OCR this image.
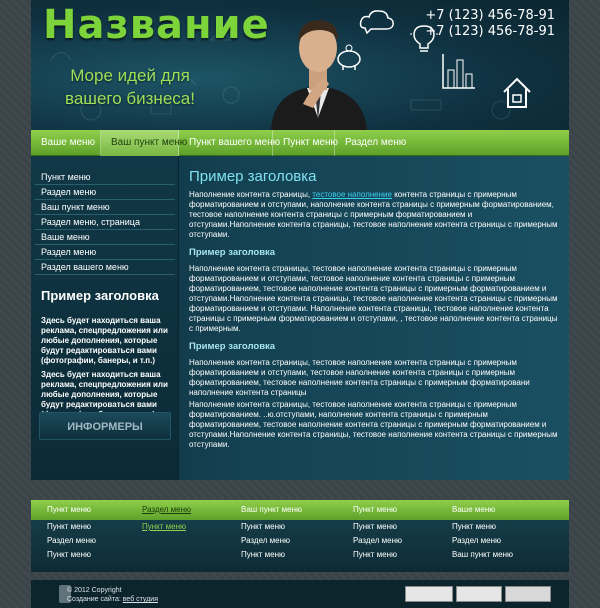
Название
Море идей для вашего бизнеса!
+7 (123) 456-78-91
+7 (123) 456-78-91
Ваше меню	Ваш пункт меню Пункт вашего меню Пункт меню Раздел меню
Пункт меню
Раздел меню
Ваш пункт меню
Раздел меню, страница
Ваше меню
Раздел меню
Раздел вашего меню
Пример заголовка

Здесь будет находиться ваша реклама, спецпредложения или любые дополнения, которые будут редактироваться вами (фотографии, банеры, и т.п.)

Здесь будет находиться ваша реклама, спецпредложения или любые дополнения, которые будут редактироваться вами

ИНФОРМЕРЫ
Пример заголовка

Наполнение контента страницы, тестовое наполнение контента страницы с примерным форматированием и отступами, наполнение контента страницы с примерным форматированием, тестовое наполнение контента страницы с примерным форматированием и отступами.Наполнение контента страницы, тестовое наполнение контента страницы с примерным отступами.

Пример заголовка

Наполнение контента страницы, тестовое наполнение контента страницы с примерным форматированием и отступами, тестовое наполнение контента страницы с примерным форматированием, тестовое наполнение контента страницы с примерным форматированием и отступами.Наполнение контента страницы, тестовое наполнение контента страницы с примерным форматированием и отступами. Наполнение контента страницы, тестовое наполнение контента страницы с примерным форматированием и отступами, , тестовое наполнение контента страницы с примерным.

Пример заголовка

Наполнение контента страницы, тестовое наполнение контента страницы с примерным форматированием и отступами, тестовое наполнение контента страницы с примерным форматированием, тестовое наполнение контента страницы с примерным форматировани наполнение контента страницы

Наполнение контента страницы, тестовое наполнение контента страницы с примерным форматированием. ..ю.отступами, наполнение контента страницы с примерным форматированием, тестовое наполнение контента страницы с примерным форматированием и отступами.Наполнение контента страницы, тестовое наполнение контента страницы с примерным отступами.

Пункт меню
Пункт меню
Раздел меню
Пункт меню
Раздел меню
Пункт меню
Ваш пункт меню
Пункт меню
Раздел меню
Пункт меню
Пункт меню
Пункт меню
Раздел меню
Пункт меню
Ваше меню
Пункт меню
Раздел меню
Ваш пункт меню
© 2012 Copyright
Создание сайта: веб студия
